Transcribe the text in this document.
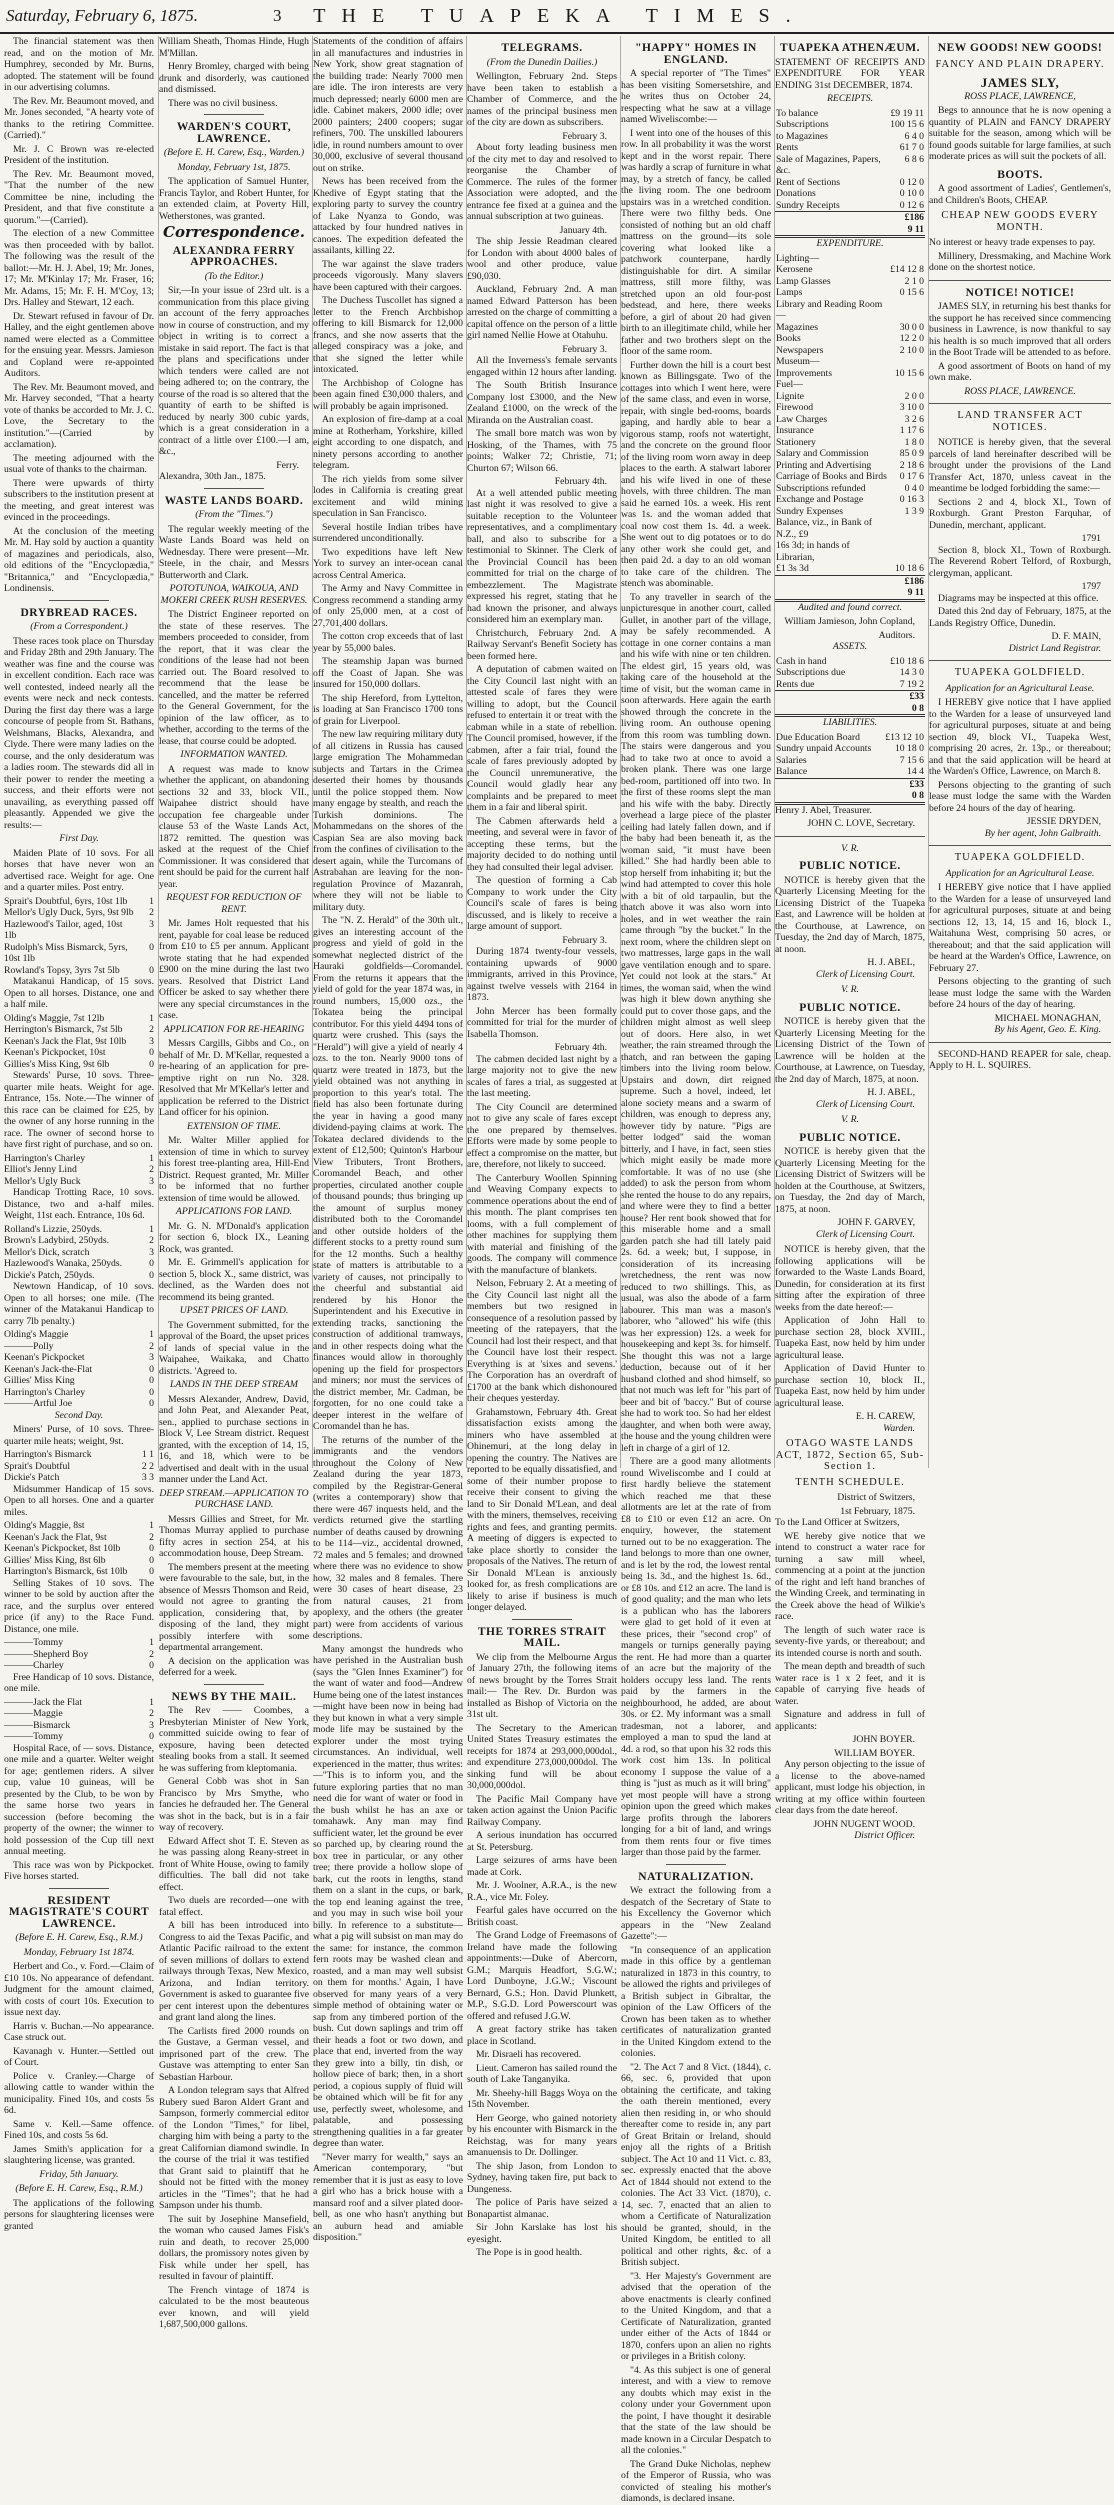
Saturday, February 6, 1875.	3	THE TUAPEKA TIMES.

The financial statement was then read, and on the motion of Mr. Humphrey, seconded by Mr. Burns, adopted. The statement will be found in our advertising columns.

The Rev. Mr. Beaumont moved, and Mr. Jones seconded, "A hearty vote of thanks to the retiring Committee. (Carried)."

Mr. J. C Brown was re-elected President of the institution.

The Rev. Mr. Beaumont moved, "That the number of the new Committee be nine, including the President, and that five constitute a quorum."—(Carried).

The election of a new Committee was then proceeded with by ballot. The following was the result of the ballot:—Mr. H. J. Abel, 19; Mr. Jones, 17; Mr. M'Kinlay 17; Mr. Fraser, 16; Mr. Adams, 15; Mr. F. H. M'Coy, 13; Drs. Halley and Stewart, 12 each.

Dr. Stewart refused in favour of Dr. Halley, and the eight gentlemen above named were elected as a Committee for the ensuing year. Messrs. Jamieson and Copland were re-appointed Auditors.

The Rev. Mr. Beaumont moved, and Mr. Harvey seconded, "That a hearty vote of thanks be accorded to Mr. J. C. Love, the Secretary to the institution."—(Carried by acclamation).

The meeting adjourned with the usual vote of thanks to the chairman.

There were upwards of thirty subscribers to the institution present at the meeting, and great interest was evinced in the proceedings.

At the conclusion of the meeting Mr. M. Hay sold by auction a quantity of magazines and periodicals, also, old editions of the "Encyclopædia," "Britannica," and "Encyclopædia," Londinensis.

DRYBREAD RACES.
(From a Correspondent.)

These races took place on Thursday and Friday 28th and 29th January. The weather was fine and the course was in excellent condition. Each race was well contested, indeed nearly all the events were neck and neck contests. During the first day there was a large concourse of people from St. Bathans, Welshmans, Blacks, Alexandra, and Clyde. There were many ladies on the course, and the only desideratum was a ladies room. The stewards did all in their power to render the meeting a success, and their efforts were not unavailing, as everything passed off pleasantly. Appended we give the results:—

First Day.

Maiden Plate of 10 sovs. For all horses that have never won an advertised race. Weight for age. One and a quarter miles. Post entry.

Sprait's Doubtful, 6yrs, 10st 1lb	1
Mellor's Ugly Duck, 5yrs, 9st 9lb	2
Hazlewood's Tailor, aged, 10st 1lb
3
Rudolph's Miss Bismarck, 5yrs, 10st 1lb
0
Rowland's Topsy, 3yrs 7st 5lb	0

Matakanui Handicap, of 15 sovs. Open to all horses. Distance, one and a half mile.

Olding's Maggie, 7st 12lb	1
Herrington's Bismarck, 7st 5lb	2
Keenan's Jack the Flat, 9st 10lb	3
Keenan's Pickpocket, 10st	0
Gillies's Miss King, 9st 6lb	0

Stewards' Purse, 10 sovs. Three-quarter mile heats. Weight for age. Entrance, 15s. Note.—The winner of this race can be claimed for £25, by the owner of any horse running in the race. The owner of second horse to have first right of purchase, and so on.

Harrington's Charley	1
Elliot's Jenny Lind	2
Mellor's Ugly Buck	3

Handicap Trotting Race, 10 sovs. Distance, two and a-half miles. Weight, 11st each. Entrance, 10s 6d.

Rolland's Lizzie, 250yds.	1
Brown's Ladybird, 250yds.	2
Mellor's Dick, scratch	3
Hazlewood's Wanaka, 250yds.	0
Dickie's Patch, 250yds.	0

Newtown Handicap, of 10 sovs. Open to all horses; one mile. (The winner of the Matakanui Handicap to carry 7lb penalty.)

Olding's Maggie	1
———Polly	2
Keenan's Pickpocket	3
Keenan's Jack-the-Flat	0
Gillies' Miss King	0
Harrington's Charley	0
———Artful Joe	0
Second Day.

Miners' Purse, of 10 sovs. Three-quarter mile heats; weight, 9st.

Harrington's Bismarck	1 1
Sprait's Doubtful	2 2
Dickie's Patch	3 3

Midsummer Handicap of 15 sovs. Open to all horses. One and a quarter miles.

Olding's Maggie, 8st	1
Keenan's Jack the Flat, 9st	2
Keenan's Pickpocket, 8st 10lb	0
Gillies' Miss King, 8st 6lb	0
Harrington's Bismarck, 6st 10lb	0

Selling Stakes of 10 sovs. The winner to be sold by auction after the race, and the surplus over entered price (if any) to the Race Fund. Distance, one mile.

———Tommy	1
———Shepherd Boy	2
———Charley	0

Free Handicap of 10 sovs. Distance, one mile.

———Jack the Flat	1
———Maggie	2
———Bismarck	3
———Tommy	0

Hospital Race, of — sovs. Distance, one mile and a quarter. Welter weight for age; gentlemen riders. A silver cup, value 10 guineas, will be presented by the Club, to be won by the same horse two years in succession (before becoming the property of the owner; the winner to hold possession of the Cup till next annual meeting.

This race was won by Pickpocket. Five horses started.

RESIDENT MAGISTRATE'S COURT LAWRENCE.
(Before E. H. Carew, Esq., R.M.)
Monday, February 1st 1874.

Herbert and Co., v. Ford.—Claim of £10 10s. No appearance of defendant. Judgment for the amount claimed, with costs of court 10s. Execution to issue next day.

Harris v. Buchan.—No appearance. Case struck out.

Kavanagh v. Hunter.—Settled out of Court.

Police v. Cranley.—Charge of allowing cattle to wander within the municipality. Fined 10s, and costs 5s 6d.

Same v. Kell.—Same offence. Fined 10s, and costs 5s 6d.

James Smith's application for a slaughtering license, was granted.

Friday, 5th January.
(Before E. H. Carew, Esq., R.M.)

The applications of the following persons for slaughtering licenses were granted

William Sheath, Thomas Hinde, Hugh M'Millan.

Henry Bromley, charged with being drunk and disorderly, was cautioned and dismissed.

There was no civil business.

WARDEN'S COURT, LAWRENCE.
(Before E. H. Carew, Esq., Warden.)
Monday, February 1st, 1875.

The application of Samuel Hunter, Francis Taylor, and Robert Hunter, for an extended claim, at Poverty Hill, Wetherstones, was granted.

Correspondence.
ALEXANDRA FERRY APPROACHES.
(To the Editor.)

Sir,—In your issue of 23rd ult. is a communication from this place giving an account of the ferry approaches now in course of construction, and my object in writing is to correct a mistake in said report. The fact is that the plans and specifications under which tenders were called are not being adhered to; on the contrary, the course of the road is so altered that the quantity of earth to be shifted is reduced by nearly 300 cubic yards, which is a great consideration in a contract of a little over £100.—I am, &c.,

Ferry.

Alexandra, 30th Jan., 1875.

WASTE LANDS BOARD.
(From the "Times.")

The regular weekly meeting of the Waste Lands Board was held on Wednesday. There were present—Mr. Steele, in the chair, and Messrs Butterworth and Clark.

POTOTUNOA, WAIKOUA, AND MOKERI CREEK RUSH RESERVES.

The District Engineer reported on the state of these reserves. The members proceeded to consider, from the report, that it was clear the conditions of the lease had not been carried out. The Board resolved to recommend that the lease be cancelled, and the matter be referred to the General Government, for the opinion of the law officer, as to whether, according to the terms of the lease, that course could be adopted.

INFORMATION WANTED.

A request was made to know whether the applicant, on abandoning sections 32 and 33, block VII., Waipahee district should have occupation fee chargeable under clause 53 of the Waste Lands Act, 1872 remitted. The question was asked at the request of the Chief Commissioner. It was considered that rent should be paid for the current half year.

REQUEST FOR REDUCTION OF RENT.

Mr. James Holt requested that his rent, payable for coal lease be reduced from £10 to £5 per annum. Applicant wrote stating that he had expended £900 on the mine during the last two years. Resolved that District Land Officer be asked to say whether there were any special circumstances in the case.

APPLICATION FOR RE-HEARING

Messrs Cargills, Gibbs and Co., on behalf of Mr. D. M'Kellar, requested a re-hearing of an application for pre-emptive right on run No. 328. Resolved that Mr M'Kellar's letter and application be referred to the District Land officer for his opinion.

EXTENSION OF TIME.

Mr. Walter Miller applied for extension of time in which to survey his forest tree-planting area, Hill-End District. Request granted, Mr. Miller to be informed that no further extension of time would be allowed.

APPLICATIONS FOR LAND.

Mr. G. N. M'Donald's application for section 6, block IX., Leaning Rock, was granted.

Mr. E. Grimmell's application for section 5, block X., same district, was declined, as the Warden does not recommend its being granted.

UPSET PRICES OF LAND.

The Government submitted, for the approval of the Board, the upset prices of lands of special value in the Waipahee, Waikaka, and Chatto districts. 'Agreed to.

LANDS IN THE DEEP STREAM

Messrs Alexander, Andrew, David, and John Peat, and Alexander Peat, sen., applied to purchase sections in Block V, Lee Stream district. Request granted, with the exception of 14, 15, 16, and 18, which were to be advertised and dealt with in the usual manner under the Land Act.

DEEP STREAM.—APPLICATION TO PURCHASE LAND.

Messrs Gillies and Street, for Mr. Thomas Murray applied to purchase fifty acres in section 254, at his accommodation house, Deep Stream.

The members present at the meeting were favourable to the sale, but, in the absence of Messrs Thomson and Reid, would not agree to granting the application, considering that, by disposing of the land, they might possibly interfere with some departmental arrangement.

A decision on the application was deferred for a week.

NEWS BY THE MAIL.

The Rev —— Coombes, a Presbyterian Minister of New York, committed suicide owing to fear of exposure, having been detected stealing books from a stall. It seemed he was suffering from kleptomania.

General Cobb was shot in San Francisco by Mrs Smythe, who fancies he defrauded her. The General was shot in the back, but is in a fair way of recovery.

Edward Affect shot T. E. Steven as he was passing along Reany-street in front of White House, owing to family difficulties. The ball did not take effect.

Two duels are recorded—one with fatal effect.

A bill has been introduced into Congress to aid the Texas Pacific, and Atlantic Pacific railroad to the extent of seven millions of dollars to extend railways through Texas, New Mexico, Arizona, and Indian territory. Government is asked to guarantee five per cent interest upon the debentures and grant land along the lines.

The Carlists fired 2000 rounds on the Gustave, a German vessel, and imprisoned part of the crew. The Gustave was attempting to enter San Sebastian Harbour.

A London telegram says that Alfred Rubery sued Baron Aldert Grant and Sampson, formerly commercial editor of the London "Times," for libel, charging him with being a party to the great Californian diamond swindle. In the course of the trial it was testified that Grant said to plaintiff that he should not be fitted with the money articles in the "Times"; that he had Sampson under his thumb.

The suit by Josephine Mansefield, the woman who caused James Fisk's ruin and death, to recover 25,000 dollars, the promissory notes given by Fisk while under her spell, has resulted in favour of plaintiff.

The French vintage of 1874 is calculated to be the most beauteous ever known, and will yield 1,687,500,000 gallons.

Statements of the condition of affairs in all manufactures and industries in New York, show great stagnation of the building trade: Nearly 7000 men are idle. The iron interests are very much depressed; nearly 6000 men are idle. Cabinet makers, 2000 idle; over 2000 painters; 2400 coopers; sugar refiners, 700. The unskilled labourers idle, in round numbers amount to over 30,000, exclusive of several thousand out on strike.

News has been received from the Khedive of Egypt stating that the exploring party to survey the country of Lake Nyanza to Gondo, was attacked by four hundred natives in canoes. The expedition defeated the assailants, killing 22.

The war against the slave traders proceeds vigorously. Many slavers have been captured with their cargoes.

The Duchess Tuscollet has signed a letter to the French Archbishop offering to kill Bismarck for 12,000 francs, and she now asserts that the alleged conspiracy was a joke, and that she signed the letter while intoxicated.

The Archbishop of Cologne has been again fined £30,000 thalers, and will probably be again imprisoned.

An explosion of fire-damp at a coal mine at Rotherham, Yorkshire, killed eight according to one dispatch, and ninety persons according to another telegram.

The rich yields from some silver lodes in California is creating great excitement and wild mining speculation in San Francisco.

Several hostile Indian tribes have surrendered unconditionally.

Two expeditions have left New York to survey an inter-ocean canal across Central America.

The Army and Navy Committee in Congress recommend a standing army of only 25,000 men, at a cost of 27,701,400 dollars.

The cotton crop exceeds that of last year by 55,000 bales.

The steamship Japan was burned off the Coast of Japan. She was insured for 150,000 dollars.

The ship Hereford, from Lyttelton, is loading at San Francisco 1700 tons of grain for Liverpool.

The new law requiring military duty of all citizens in Russia has caused large emigration The Mohammedan subjects and Tartars in the Crimea deserted their homes by thousands until the police stopped them. Now many engage by stealth, and reach the Turkish dominions. The Mohammedans on the shores of the Caspian Sea are also moving back from the confines of civilisation to the desert again, while the Turcomans of Astrabahan are leaving for the non-regulation Province of Mazanrah, where they will not be liable to military duty.

The "N. Z. Herald" of the 30th ult., gives an interesting account of the progress and yield of gold in the somewhat neglected district of the Hauraki goldfields—Coromandel. From the returns it appears that the yield of gold for the year 1874 was, in round numbers, 15,000 ozs., the Tokatea being the principal contributor. For this yield 4494 tons of quartz were crushed. This (says the "Herald") will give a yield of nearly 4 ozs. to the ton. Nearly 9000 tons of quartz were treated in 1873, but the yield obtained was not anything in proportion to this year's total. The field has also been fortunate during the year in having a good many dividend-paying claims at work. The Tokatea declared dividends to the extent of £12,500; Quinton's Harbour View Tributers, Tront Brothers, Coromandel Beach, and other properties, circulated another couple of thousand pounds; thus bringing up the amount of surplus money distributed both to the Coromandel and other outside holders of the different stocks to a pretty round sum for the 12 months. Such a healthy state of matters is attributable to a variety of causes, not principally to the cheerful and substantial aid rendered by his Honor the Superintendent and his Executive in extending tracks, sanctioning the construction of additional tramways, and in other respects doing what the finances would allow in thoroughly opening up the field for prospectors and miners; nor must the services of the district member, Mr. Cadman, be forgotten, for no one could take a deeper interest in the welfare of Coromandel than he has.

The returns of the number of the immigrants and the vendors throughout the Colony of New Zealand during the year 1873, compiled by the Registrar-General (writes a contemporary) show that there were 467 inquests held, and the verdicts returned give the startling number of deaths caused by drowning to be 114—viz., accidental drowned, 72 males and 5 females; and drowned where there was no evidence to show how, 32 males and 8 females. There were 30 cases of heart disease, 23 from natural causes, 21 from apoplexy, and the others (the greater part) were from accidents of various descriptions.

Many amongst the hundreds who have perished in the Australian bush (says the "Glen Innes Examiner") for the want of water and food—Andrew Hume being one of the latest instances—might have been now in being had they but known in what a very simple mode life may be sustained by the explorer under the most trying circumstances. An individual, well experienced in the matter, thus writes:—"This is to inform you, and the future exploring parties that no man need die for want of water or food in the bush whilst he has an axe or tomahawk. Any man may find sufficient water, let the ground be ever so parched up, by clearing round the box tree in particular, or any other tree; there provide a hollow slope of bark, cut the roots in lengths, stand them on a slant in the cups, or bark, the top end leaning against the tree, and you may in such wise boil your billy. In reference to a substitute—what a pig will subsist on man may do the same: for instance, the common fern roots may be washed clean and roasted, and a man may well subsist on them for months.' Again, I have observed for many years of a very simple method of obtaining water or sap from any timbered portion of the bush. Cut down saplings and trim off their heads a foot or two down, and place that end, inverted from the way they grew into a billy, tin dish, or hollow piece of bark; then, in a short period, a copious supply of fluid will be obtained which will be fit for any use, perfectly sweet, wholesome, and palatable, and possessing strengthening qualities in a far greater degree than water.

"Never marry for wealth," says an American contemporary, "but remember that it is just as easy to love a girl who has a brick house with a mansard roof and a silver plated door-bell, as one who hasn't anything but an auburn head and amiable disposition."

TELEGRAMS.
(From the Dunedin Dailies.)

Wellington, February 2nd. Steps have been taken to establish a Chamber of Commerce, and the names of the principal business men of the city are down as subscribers.

February 3.

About forty leading business men of the city met to day and resolved to reorganise the Chamber of Commerce. The rules of the former Association were adopted, and the entrance fee fixed at a guinea and the annual subscription at two guineas.

January 4th.

The ship Jessie Readman cleared for London with about 4000 bales of wool and other produce, value £90,030.

Auckland, February 2nd. A man named Edward Patterson has been arrested on the charge of committing a capital offence on the person of a little girl named Nellie Howe at Otahuhu.

February 3.

All the Inverness's female servants engaged within 12 hours after landing.

The South British Insurance Company lost £3000, and the New Zealand £1000, on the wreck of the Miranda on the Australian coast.

The small bore match was won by Hosking, of the Thames, with 75 points; Walker 72; Christie, 71; Churton 67; Wilson 66.

February 4th.

At a well attended public meeting last night it was resolved to give a suitable reception to the Volunteer representatives, and a complimentary ball, and also to subscribe for a testimonial to Skinner. The Clerk of the Provincial Council has been committed for trial on the charge of embezzlement. The Magistrate expressed his regret, stating that he had known the prisoner, and always considered him an exemplary man.

Christchurch, February 2nd. A Railway Servant's Benefit Society has been formed here.

A deputation of cabmen waited on the City Council last night with an attested scale of fares they were willing to adopt, but the Council refused to entertain it or treat with the cabman while in a state of rebellion. The Council promised, however, if the cabmen, after a fair trial, found the scale of fares previously adopted by the Council unremunerative, the Council would gladly hear any complaints and be prepared to meet them in a fair and liberal spirit.

The Cabmen afterwards held a meeting, and several were in favor of accepting these terms, but the majority decided to do nothing until they had consulted their legal adviser.

The question of forming a Cab Company to work under the City Council's scale of fares is being discussed, and is likely to receive a large amount of support.

February 3.

During 1874 twenty-four vessels, containing upwards of 9000 immigrants, arrived in this Province, against twelve vessels with 2164 in 1873.

John Mercer has been formally committed for trial for the murder of Isabella Thomson.

February 4th.

The cabmen decided last night by a large majority not to give the new scales of fares a trial, as suggested at the last meeting.

The City Council are determined not to give any scale of fares except the one prepared by themselves. Efforts were made by some people to effect a compromise on the matter, but are, therefore, not likely to succeed.

The Canterbury Woollen Spinning and Weaving Company expects to commence operations about the end of this month. The plant comprises ten looms, with a full complement of other machines for supplying them with material and finishing of the goods. The company will commence with the manufacture of blankets.

Nelson, February 2. At a meeting of the City Council last night all the members but two resigned in consequence of a resolution passed by meeting of the ratepayers, that the Council had lost their respect, and that the Council have lost their respect. Everything is at 'sixes and sevens.' The Corporation has an overdraft of £1700 at the bank which dishonoured their cheques yesterday.

Grahamstown, February 4th. Great dissatisfaction exists among the miners who have assembled at Ohinemuri, at the long delay in opening the country. The Natives are reported to be equally dissatisfied, and some of their number propose to receive their consent to giving the land to Sir Donald M'Lean, and deal with the miners, themselves, receiving rights and fees, and granting permits. A meeting of diggers is expected to take place shortly to consider the proposals of the Natives. The return of Sir Donald M'Lean is anxiously looked for, as fresh complications are likely to arise if business is much longer delayed.

THE TORRES STRAIT MAIL.

We clip from the Melbourne Argus of January 27th, the following items of news brought by the Torres Strait mail:— The Rev. Dr. Burdon was installed as Bishop of Victoria on the 31st ult.

The Secretary to the American United States Treasury estimates the receipts for 1874 at 293,000,000dol., and expenditure 273,000,000dol. The sinking fund will be about 30,000,000dol.

The Pacific Mail Company have taken action against the Union Pacific Railway Company.

A serious inundation has occurred at St. Petersburg.

Large seizures of arms have been made at Cork.

Mr. J. Woolner, A.R.A., is the new R.A., vice Mr. Foley.

Fearful gales have occurred on the British coast.

The Grand Lodge of Freemasons of Ireland have made the following appointments:—Duke of Abercorn, G.M.; Marquis Headfort, S.G.W.; Lord Dunboyne, J.G.W.; Viscount Bernard, G.S.; Hon. David Plunkett, M.P., S.G.D. Lord Powerscourt was offered and refused J.G.W.

A great factory strike has taken place in Scotland.

Mr. Disraeli has recovered.

Lieut. Cameron has sailed round the south of Lake Tanganyika.

Mr. Sheehy-hill Baggs Woya on the 15th November.

Herr George, who gained notoriety by his encounter with Bismarck in the Reichstag, was for many years amanuensis to Dr. Dollinger.

The ship Jason, from London to Sydney, having taken fire, put back to Dungeness.

The police of Paris have seized a Bonapartist almanac.

Sir John Karslake has lost his eyesight.

The Pope is in good health.

"HAPPY" HOMES IN ENGLAND.

A special reporter of "The Times" has been visiting Somersetshire, and he writes thus on October 24, respecting what he saw at a village named Wiveliscombe:—

I went into one of the houses of this row. In all probability it was the worst kept and in the worst repair. There was hardly a scrap of furniture in what may, by a stretch of fancy, be called the living room. The one bedroom upstairs was in a wretched condition. There were two filthy beds. One consisted of nothing but an old chaff mattress on the ground—its sole covering what looked like a patchwork counterpane, hardly distinguishable for dirt. A similar mattress, still more filthy, was stretched upon an old four-post bedstead, and here, there weeks before, a girl of about 20 had given birth to an illegitimate child, while her father and two brothers slept on the floor of the same room.

Further down the hill is a court best known as Billingsgate. Two of the cottages into which I went here, were of the same class, and even in worse, repair, with single bed-rooms, boards gaping, and hardly able to bear a vigorous stamp, roofs not watertight, and the concrete on the ground floor of the living room worn away in deep places to the earth. A stalwart laborer and his wife lived in one of these hovels, with three children. The man said he earned 10s. a week. His rent was 1s. and the woman added that coal now cost them 1s. 4d. a week. She went out to dig potatoes or to do any other work she could get, and then paid 2d. a day to an old woman to take care of the children. The stench was abominable.

To any traveller in search of the unpicturesque in another court, called Gullet, in another part of the village, may be safely recommended. A cottage in one corner contains a man and his wife with nine or ten children. The eldest girl, 15 years old, was taking care of the household at the time of visit, but the woman came in soon afterwards. Here again the earth showed through the concrete in the living room. An outhouse opening from this room was tumbling down. The stairs were dangerous and you had to take two at once to avoid a broken plank. There was one large bed-room, partitioned off into two. In the first of these rooms slept the man and his wife with the baby. Directly overhead a large piece of the plaster ceiling had lately fallen down, and if the baby had been beneath it, as the woman said, "it must have been killed." She had hardly been able to stop herself from inhabiting it; but the wind had attempted to cover this hole with a bit of old tarpaulin, but the thatch above it was also worn into holes, and in wet weather the rain came through "by the bucket." In the next room, where the children slept on two mattresses, large gaps in the wall gave ventilation enough and to spare. Yet could not look at the stars." At times, the woman said, when the wind was high it blew down anything she could put to cover those gaps, and the children might almost as well sleep out of doors. Here also, in wet weather, the rain streamed through the thatch, and ran between the gaping timbers into the living room below. Upstairs and down, dirt reigned supreme. Such a hovel, indeed, let alone society means and a swarm of children, was enough to depress any, however tidy by nature. "Pigs are better lodged" said the woman bitterly, and I have, in fact, seen sties which might easily be made more comfortable. It was of no use (she added) to ask the person from whom she rented the house to do any repairs, and where were they to find a better house? Her rent book showed that for this miserable home and a small garden patch she had till lately paid 2s. 6d. a week; but, I suppose, in consideration of its increasing wretchedness, the rent was now reduced to two shillings. This, as usual, was also the abode of a farm labourer. This man was a mason's laborer, who "allowed" his wife (this was her expression) 12s. a week for housekeeping and kept 3s. for himself. She thought this was not a large deduction, because out of it her husband clothed and shod himself, so that not much was left for "his part of beer and bit of 'baccy." But of course she had to work too. So had her eldest daughter, and when both were away, the house and the young children were left in charge of a girl of 12.

There are a good many allotments round Wiveliscombe and I could at first hardly believe the statement which reached me that these allotments are let at the rate of from £8 to £10 or even £12 an acre. On enquiry, however, the statement turned out to be no exaggeration. The land belongs to more than one owner, and is let by the rod, the lowest rental being 1s. 3d., and the highest 1s. 6d., or £8 10s. and £12 an acre. The land is of good quality; and the man who lets is a publican who has the laborers were glad to get hold of it even at these prices, their "second crop" of mangels or turnips generally paying the rent. He had more than a quarter of an acre but the majority of the holders occupy less land. The rents paid by the farmers in the neighbourhood, he added, are about 30s. or £2. My informant was a small tradesman, not a laborer, and employed a man to spud the land at 4d. a rod, so that upon his 32 rods this work cost him 13s. In political economy I suppose the value of a thing is "just as much as it will bring" yet most people will have a strong opinion upon the greed which makes large profits through the laborers longing for a bit of land, and wrings from them rents four or five times larger than those paid by the farmer.

NATURALIZATION.

We extract the following from a despatch of the Secretary of State to his Excellency the Governor which appears in the "New Zealand Gazette":—

"In consequence of an application made in this office by a gentleman naturalized in 1873 in this country, to be allowed the rights and privileges of a British subject in Gibraltar, the opinion of the Law Officers of the Crown has been taken as to whether certificates of naturalization granted in the United Kingdom extend to the colonies.

"2. The Act 7 and 8 Vict. (1844), c. 66, sec. 6, provided that upon obtaining the certificate, and taking the oath therein mentioned, every alien then residing in, or who should thereafter come to reside in, any part of Great Britain or Ireland, should enjoy all the rights of a British subject. The Act 10 and 11 Vict. c. 83, sec. expressly enacted that the above Act of 1844 should not extend to the colonies. The Act 33 Vict. (1870), c. 14, sec. 7, enacted that an alien to whom a Certificate of Naturalization should be granted, should, in the United Kingdom, be entitled to all political and other rights, &c. of a British subject.

"3. Her Majesty's Government are advised that the operation of the above enactments is clearly confined to the United Kingdom, and that a Certificate of Naturalization, granted under either of the Acts of 1844 or 1870, confers upon an alien no rights or privileges in a British colony.

"4. As this subject is one of general interest, and with a view to remove any doubts which may exist in the colony under your Government upon the point, I have thought it desirable that the state of the law should be made known in a Circular Despatch to all the colonies."

The Grand Duke Nicholas, nephew of the Emperor of Russia, who was convicted of stealing his mother's diamonds, is declared insane.

TUAPEKA ATHENÆUM.

STATEMENT OF RECEIPTS AND EXPENDITURE FOR YEAR ENDING 31st DECEMBER, 1874.

RECEIPTS.
To balance	£9 19 11
Subscriptions	100 15 6
to Magazines	6 4 0
Rents	61 7 0
Sale of Magazines, Papers, &c.	6 8 6
Rent of Sections	0 12 0
Donations	0 10 0
Sundry Receipts	0 12 6
	£186 9 11
EXPENDITURE.
Lighting—	
Kerosene	£14 12 8
Lamp Glasses	2 1 0
Lamps	0 15 6
Library and Reading Room—	
Magazines	30 0 0
Books	12 2 0
Newspapers	2 10 0
Museum—	
Improvements	10 15 6
Fuel—	
Lignite	2 0 0
Firewood	3 10 0
Law Charges	3 2 6
Insurance	1 17 6
Stationery	1 8 0
Salary and Commission	85 0 9
Printing and Advertising	2 18 6
Carriage of Books and Birds	0 17 6
Subscriptions refunded	0 4 0
Exchange and Postage	0 16 3
Sundry Expenses	1 3 9
Balance, viz., in Bank of N.Z., £9	
16s 3d; in hands of Librarian,	
£1 3s 3d	10 18 6
	£186 9 11
Audited and found correct.
William Jamieson, John Copland,
Auditors.
ASSETS.
Cash in hand	£10 18 6
Subscriptions due	14 3 0
Rents due	7 19 2
	£33 0 8
LIABILITIES.
Due Education Board	£13 12 10
Sundry unpaid Accounts	10 18 0
Salaries	7 15 6
Balance	14 4
	£33 0 8

Henry J. Abel, Treasurer.

JOHN C. LOVE, Secretary.
V. R.
PUBLIC NOTICE.

NOTICE is hereby given that the Quarterly Licensing Meeting for the Licensing District of the Tuapeka East, and Lawrence will be holden at the Courthouse, at Lawrence, on Tuesday, the 2nd day of March, 1875, at noon.

H. J. ABEL,
Clerk of Licensing Court.
V. R.
PUBLIC NOTICE.

NOTICE is hereby given that the Quarterly Licensing Meeting for the Licensing District of the Town of Lawrence will be holden at the Courthouse, at Lawrence, on Tuesday, the 2nd day of March, 1875, at noon.

H. J. ABEL,
Clerk of Licensing Court.
V. R.
PUBLIC NOTICE.

NOTICE is hereby given that the Quarterly Licensing Meeting for the Licensing District of Switzers will be holden at the Courthouse, at Switzers, on Tuesday, the 2nd day of March, 1875, at noon.

JOHN F. GARVEY,
Clerk of Licensing Court.

NOTICE is hereby given, that the following applications will be forwarded to the Waste Lands Board, Dunedin, for consideration at its first sitting after the expiration of three weeks from the date hereof:—

Application of John Hall to purchase section 28, block XVIII., Tuapeka East, now held by him under agricultural lease.

Application of David Hunter to purchase section 10, block II., Tuapeka East, now held by him under agricultural lease.

E. H. CAREW,
Warden.
OTAGO WASTE LANDS ACT, 1872, Section 65, Sub-Section 1.
TENTH SCHEDULE.
District of Switzers,
1st February, 1875.

To the Land Officer at Switzers,

WE hereby give notice that we intend to construct a water race for turning a saw mill wheel, commencing at a point at the junction of the right and left hand branches of the Winding Creek, and terminating in the Creek above the head of Wilkie's race.

The length of such water race is seventy-five yards, or thereabout; and its intended course is north and south.

The mean depth and breadth of such water race is 1 x 2 feet, and it is capable of carrying five heads of water.

Signature and address in full of applicants:

JOHN BOYER.
WILLIAM BOYER.

Any person objecting to the issue of a license to the above-named applicant, must lodge his objection, in writing at my office within fourteen clear days from the date hereof.

JOHN NUGENT WOOD.
District Officer.
NEW GOODS! NEW GOODS!
FANCY AND PLAIN DRAPERY.
JAMES SLY,
ROSS PLACE, LAWRENCE,

Begs to announce that he is now opening a quantity of PLAIN and FANCY DRAPERY suitable for the season, among which will be found goods suitable for large families, at such moderate prices as will suit the pockets of all.

BOOTS.

A good assortment of Ladies', Gentlemen's, and Children's Boots, CHEAP.

CHEAP NEW GOODS EVERY MONTH.

No interest or heavy trade expenses to pay.

Millinery, Dressmaking, and Machine Work done on the shortest notice.

NOTICE! NOTICE!

JAMES SLY, in returning his best thanks for the support he has received since commencing business in Lawrence, is now thankful to say his health is so much improved that all orders in the Boot Trade will be attended to as before.

A good assortment of Boots on hand of my own make.

ROSS PLACE, LAWRENCE.
LAND TRANSFER ACT NOTICES.

NOTICE is hereby given, that the several parcels of land hereinafter described will be brought under the provisions of the Land Transfer Act, 1870, unless caveat in the meantime be lodged forbidding the same:—

Sections 2 and 4, block XI., Town of Roxburgh. Grant Preston Farquhar, of Dunedin, merchant, applicant.

1791

Section 8, block XI., Town of Roxburgh. The Reverend Robert Telford, of Roxburgh, clergyman, applicant.

1797

Diagrams may be inspected at this office.

Dated this 2nd day of February, 1875, at the Lands Registry Office, Dunedin.

D. F. MAIN,
District Land Registrar.
TUAPEKA GOLDFIELD.
Application for an Agricultural Lease.

I HEREBY give notice that I have applied to the Warden for a lease of unsurveyed land for agricultural purposes, situate at and being section 49, block VI., Tuapeka West, comprising 20 acres, 2r. 13p., or thereabout; and that the said application will be heard at the Warden's Office, Lawrence, on March 8.

Persons objecting to the granting of such lease must lodge the same with the Warden before 24 hours of the day of hearing.

JESSIE DRYDEN,
By her agent, John Galbraith.
TUAPEKA GOLDFIELD.
Application for an Agricultural Lease.

I HEREBY give notice that I have applied to the Warden for a lease of unsurveyed land for agricultural purposes, situate at and being sections 12, 13, 14, 15 and 16, block I., Waitahuna West, comprising 50 acres, or thereabout; and that the said application will be heard at the Warden's Office, Lawrence, on February 27.

Persons objecting to the granting of such lease must lodge the same with the Warden before 24 hours of the day of hearing.

MICHAEL MONAGHAN,
By his Agent, Geo. E. King.

SECOND-HAND REAPER for sale, cheap. Apply to H. L. SQUIRES.
